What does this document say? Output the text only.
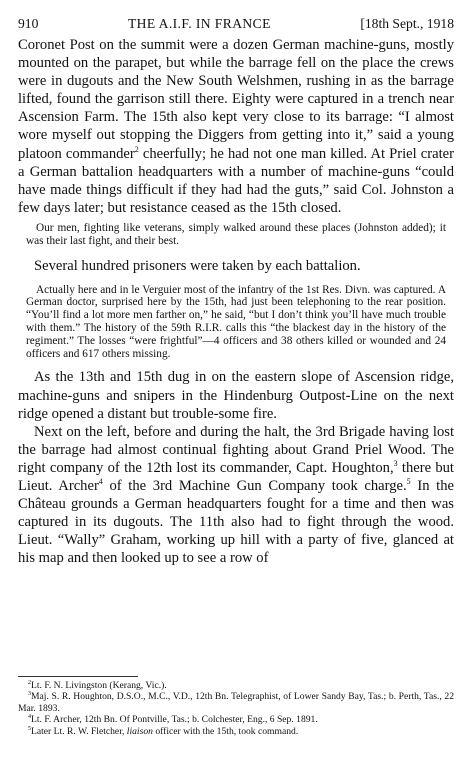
910	THE A.I.F. IN FRANCE	[18th Sept., 1918

Coronet Post on the summit were a dozen German machine-guns, mostly mounted on the parapet, but while the barrage fell on the place the crews were in dugouts and the New South Welshmen, rushing in as the barrage lifted, found the garrison still there. Eighty were captured in a trench near Ascension Farm. The 15th also kept very close to its barrage: “I almost wore myself out stopping the Diggers from getting into it,” said a young platoon commander$^2$ cheerfully; he had not one man killed. At Priel crater a German battalion headquarters with a number of machine-guns “could have made things difficult if they had had the guts,” said Col. Johnston a few days later; but resistance ceased as the 15th closed.

Our men, fighting like veterans, simply walked around these places (Johnston added); it was their last fight, and their best.

Several hundred prisoners were taken by each battalion.

Actually here and in le Verguier most of the infantry of the 1st Res. Divn. was captured. A German doctor, surprised here by the 15th, had just been telephoning to the rear position. “You’ll find a lot more men farther on,” he said, “but I don’t think you’ll have much trouble with them.” The history of the 59th R.I.R. calls this “the blackest day in the history of the regiment.” The losses “were frightful”—4 officers and 38 others killed or wounded and 24 officers and 617 others missing.

As the 13th and 15th dug in on the eastern slope of Ascension ridge, machine-guns and snipers in the Hindenburg Outpost-Line on the next ridge opened a distant but trouble-some fire.

Next on the left, before and during the halt, the 3rd Brigade having lost the barrage had almost continual fighting about Grand Priel Wood. The right company of the 12th lost its commander, Capt. Houghton,$^3$ there but Lieut. Archer$^4$ of the 3rd Machine Gun Company took charge.$^5$ In the Château grounds a German headquarters fought for a time and then was captured in its dugouts. The 11th also had to fight through the wood. Lieut. “Wally” Graham, working up hill with a party of five, glanced at his map and then looked up to see a row of

$^2$Lt. F. N. Livingston (Kerang, Vic.).

$^3$Maj. S. R. Houghton, D.S.O., M.C., V.D., 12th Bn. Telegraphist, of Lower Sandy Bay, Tas.; b. Perth, Tas., 22 Mar. 1893.

$^4$Lt. F. Archer, 12th Bn. Of Pontville, Tas.; b. Colchester, Eng., 6 Sep. 1891.

$^5$Later Lt. R. W. Fletcher, liaison officer with the 15th, took command.
